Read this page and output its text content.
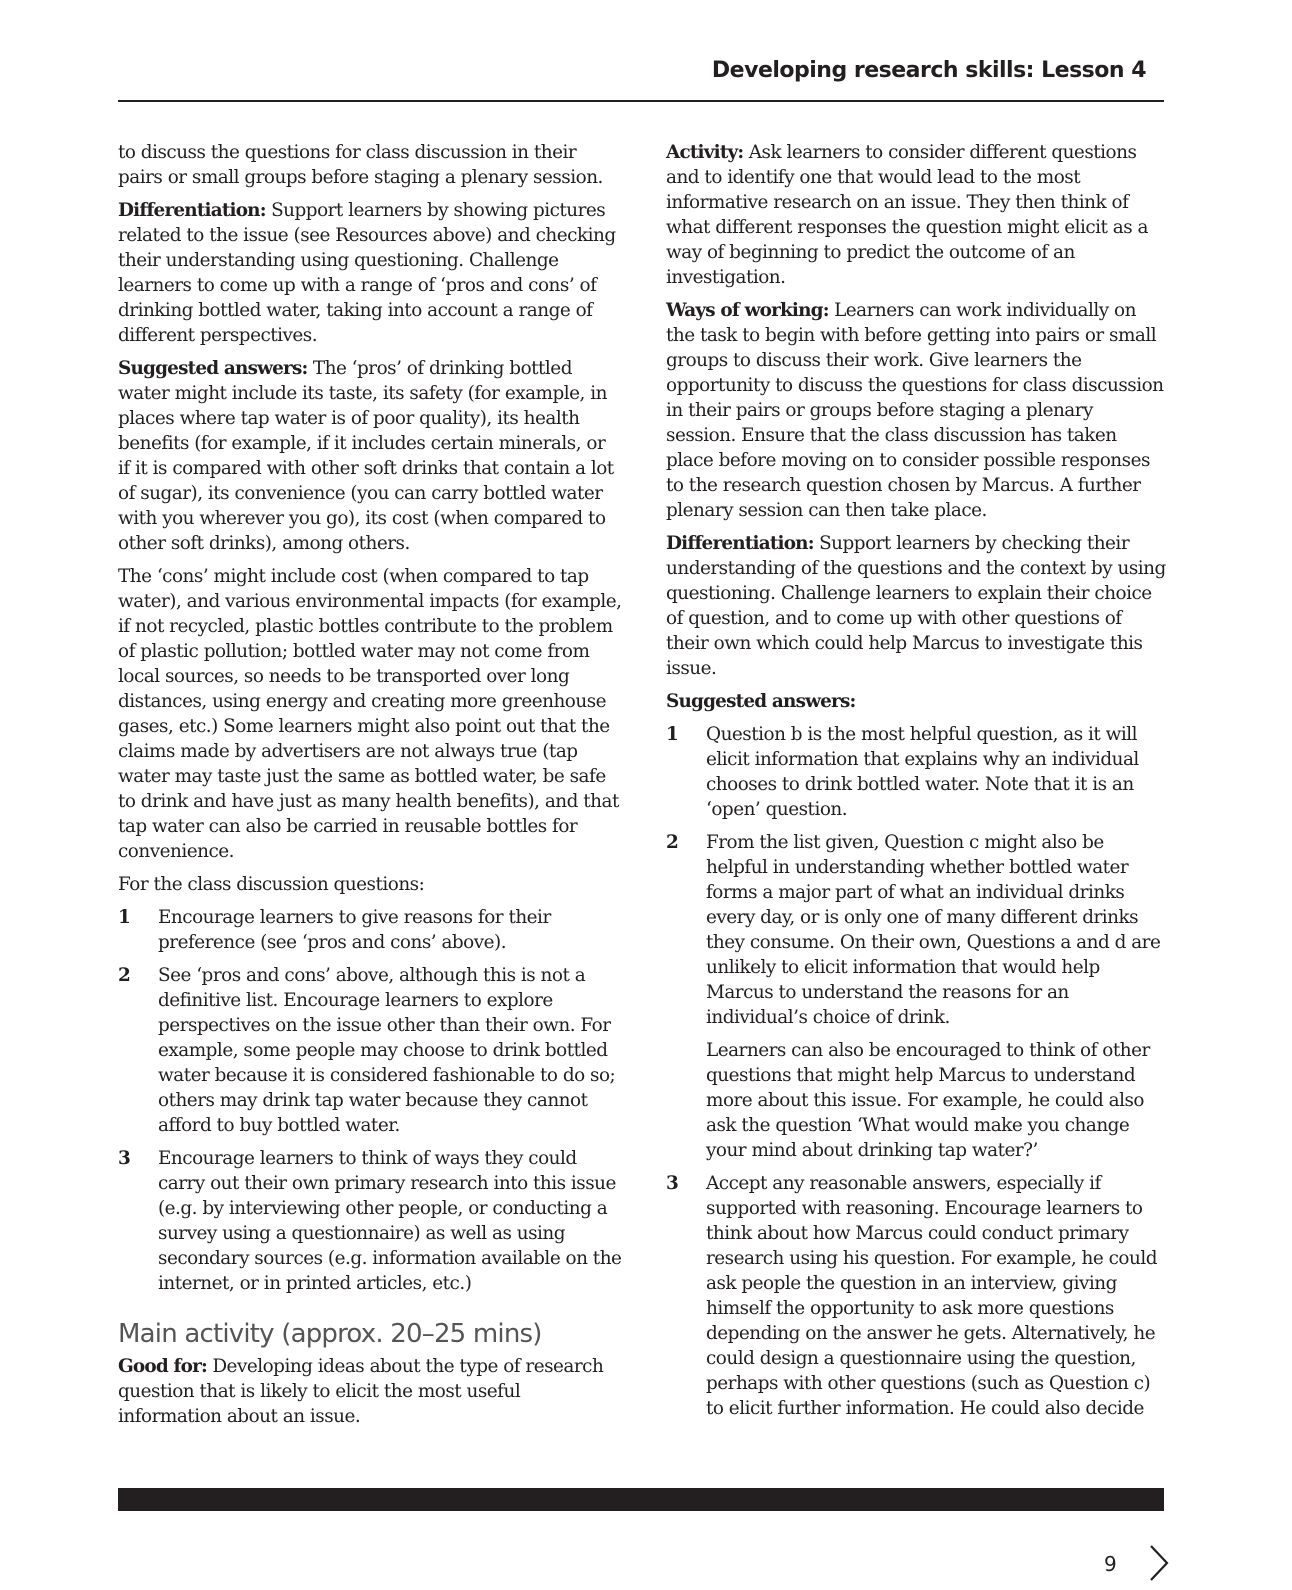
Developing research skills: Lesson 4

to discuss the questions for class discussion in their pairs or small groups before staging a plenary session.

Differentiation: Support learners by showing pictures related to the issue (see Resources above) and checking their understanding using questioning. Challenge learners to come up with a range of ‘pros and cons’ of drinking bottled water, taking into account a range of different perspectives.

Suggested answers: The ‘pros’ of drinking bottled water might include its taste, its safety (for example, in places where tap water is of poor quality), its health benefits (for example, if it includes certain minerals, or if it is compared with other soft drinks that contain a lot of sugar), its convenience (you can carry bottled water with you wherever you go), its cost (when compared to other soft drinks), among others.

The ‘cons’ might include cost (when compared to tap water), and various environmental impacts (for example, if not recycled, plastic bottles contribute to the problem of plastic pollution; bottled water may not come from local sources, so needs to be transported over long distances, using energy and creating more greenhouse gases, etc.) Some learners might also point out that the claims made by advertisers are not always true (tap water may taste just the same as bottled water, be safe to drink and have just as many health benefits), and that tap water can also be carried in reusable bottles for convenience.

For the class discussion questions:

1 Encourage learners to give reasons for their preference (see ‘pros and cons’ above).
2 See ‘pros and cons’ above, although this is not a definitive list. Encourage learners to explore perspectives on the issue other than their own. For example, some people may choose to drink bottled water because it is considered fashionable to do so; others may drink tap water because they cannot afford to buy bottled water.
3 Encourage learners to think of ways they could carry out their own primary research into this issue (e.g. by interviewing other people, or conducting a survey using a questionnaire) as well as using secondary sources (e.g. information available on the internet, or in printed articles, etc.)
Main activity (approx. 20–25 mins)

Good for: Developing ideas about the type of research question that is likely to elicit the most useful information about an issue.

Activity: Ask learners to consider different questions and to identify one that would lead to the most informative research on an issue. They then think of what different responses the question might elicit as a way of beginning to predict the outcome of an investigation.

Ways of working: Learners can work individually on the task to begin with before getting into pairs or small groups to discuss their work. Give learners the opportunity to discuss the questions for class discussion in their pairs or groups before staging a plenary session. Ensure that the class discussion has taken place before moving on to consider possible responses to the research question chosen by Marcus. A further plenary session can then take place.

Differentiation: Support learners by checking their understanding of the questions and the context by using questioning. Challenge learners to explain their choice of question, and to come up with other questions of their own which could help Marcus to investigate this issue.

Suggested answers:

1 Question b is the most helpful question, as it will elicit information that explains why an individual chooses to drink bottled water. Note that it is an ‘open’ question.

2 From the list given, Question c might also be helpful in understanding whether bottled water forms a major part of what an individual drinks every day, or is only one of many different drinks they consume. On their own, Questions a and d are unlikely to elicit information that would help Marcus to understand the reasons for an individual’s choice of drink.

Learners can also be encouraged to think of other questions that might help Marcus to understand more about this issue. For example, he could also ask the question ‘What would make you change your mind about drinking tap water?’

3 Accept any reasonable answers, especially if supported with reasoning. Encourage learners to think about how Marcus could conduct primary research using his question. For example, he could ask people the question in an interview, giving himself the opportunity to ask more questions depending on the answer he gets. Alternatively, he could design a questionnaire using the question, perhaps with other questions (such as Question c) to elicit further information. He could also decide

9
